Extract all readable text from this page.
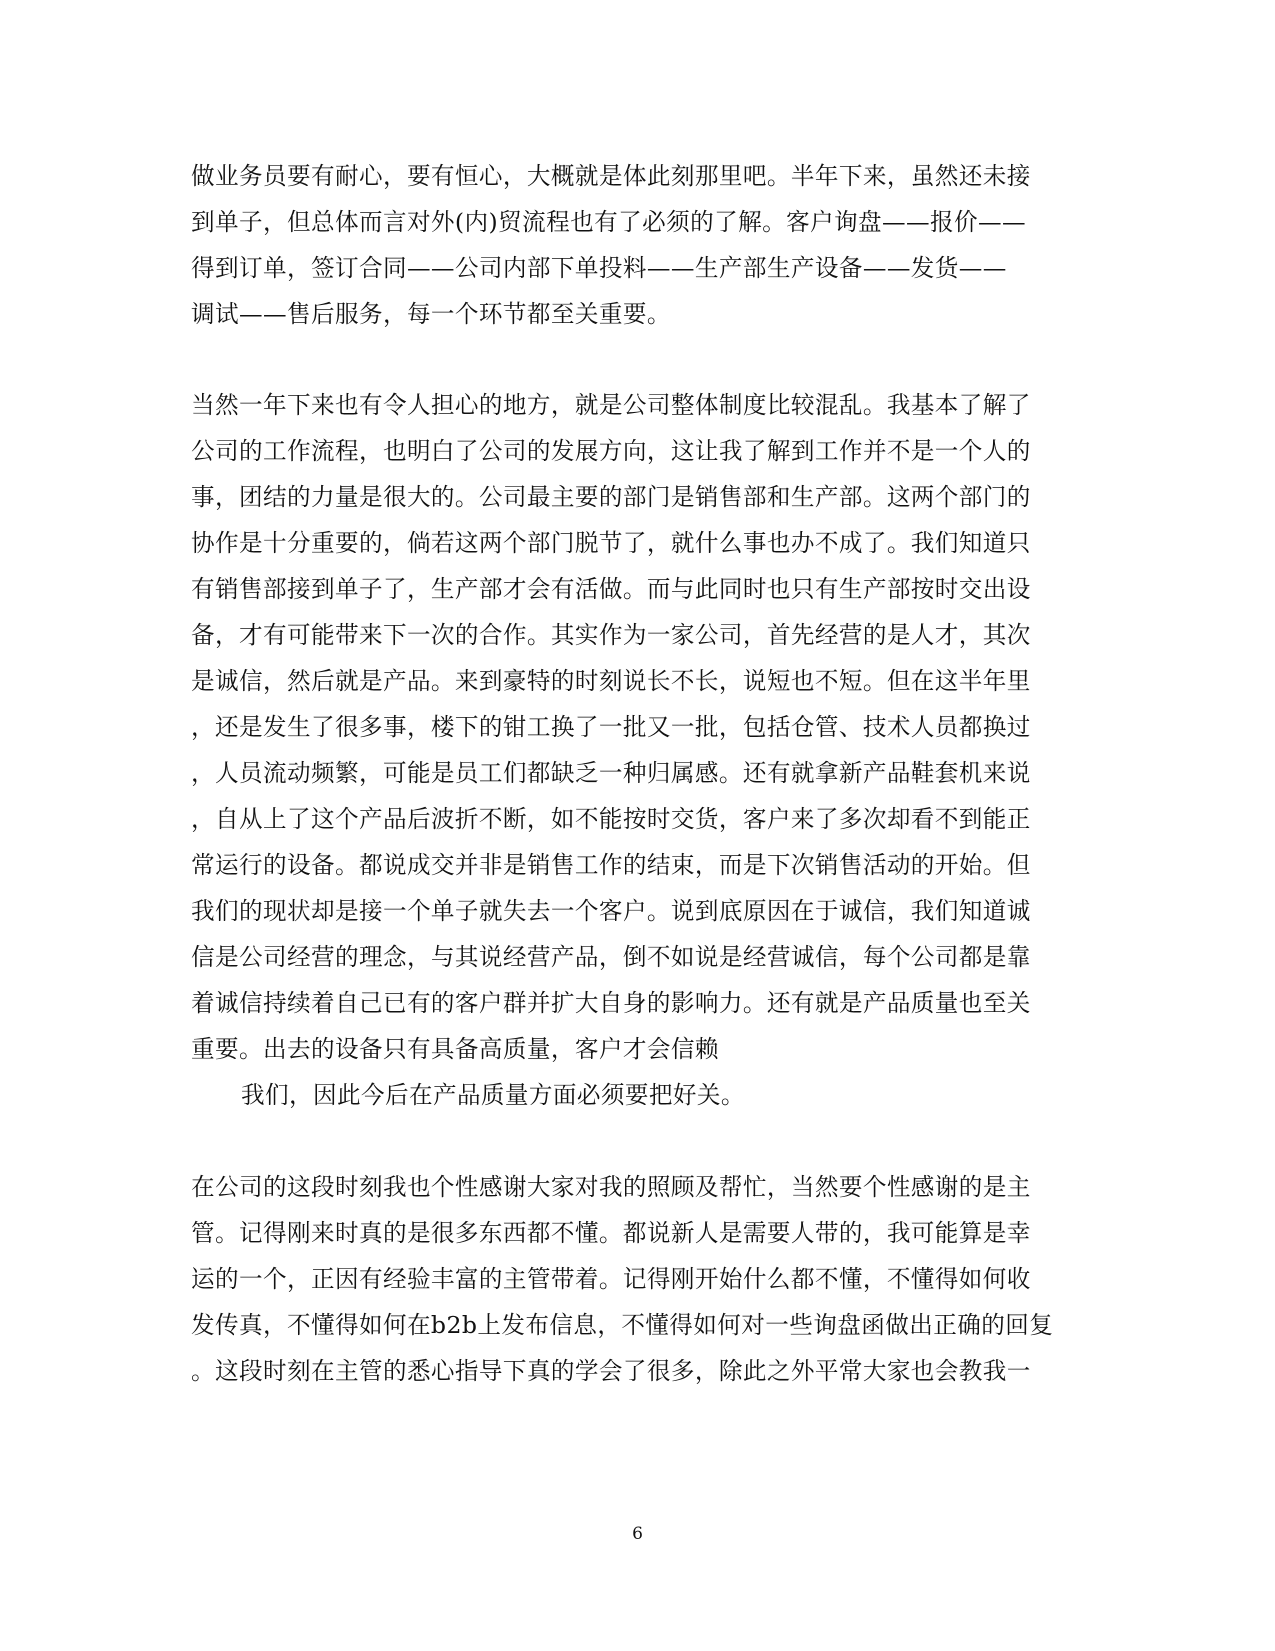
做业务员要有耐心，要有恒心，大概就是体此刻那里吧。半年下来，虽然还未接
到单子，但总体而言对外(内)贸流程也有了必须的了解。客户询盘——报价——
得到订单，签订合同——公司内部下单投料——生产部生产设备——发货——
调试——售后服务，每一个环节都至关重要。
当然一年下来也有令人担心的地方，就是公司整体制度比较混乱。我基本了解了
公司的工作流程，也明白了公司的发展方向，这让我了解到工作并不是一个人的
事，团结的力量是很大的。公司最主要的部门是销售部和生产部。这两个部门的
协作是十分重要的，倘若这两个部门脱节了，就什么事也办不成了。我们知道只
有销售部接到单子了，生产部才会有活做。而与此同时也只有生产部按时交出设
备，才有可能带来下一次的合作。其实作为一家公司，首先经营的是人才，其次
是诚信，然后就是产品。来到豪特的时刻说长不长，说短也不短。但在这半年里
，还是发生了很多事，楼下的钳工换了一批又一批，包括仓管、技术人员都换过
，人员流动频繁，可能是员工们都缺乏一种归属感。还有就拿新产品鞋套机来说
，自从上了这个产品后波折不断，如不能按时交货，客户来了多次却看不到能正
常运行的设备。都说成交并非是销售工作的结束，而是下次销售活动的开始。但
我们的现状却是接一个单子就失去一个客户。说到底原因在于诚信，我们知道诚
信是公司经营的理念，与其说经营产品，倒不如说是经营诚信，每个公司都是靠
着诚信持续着自己已有的客户群并扩大自身的影响力。还有就是产品质量也至关
重要。出去的设备只有具备高质量，客户才会信赖
我们，因此今后在产品质量方面必须要把好关。
在公司的这段时刻我也个性感谢大家对我的照顾及帮忙，当然要个性感谢的是主
管。记得刚来时真的是很多东西都不懂。都说新人是需要人带的，我可能算是幸
运的一个，正因有经验丰富的主管带着。记得刚开始什么都不懂，不懂得如何收
发传真，不懂得如何在b2b上发布信息，不懂得如何对一些询盘函做出正确的回复
。这段时刻在主管的悉心指导下真的学会了很多，除此之外平常大家也会教我一
6
